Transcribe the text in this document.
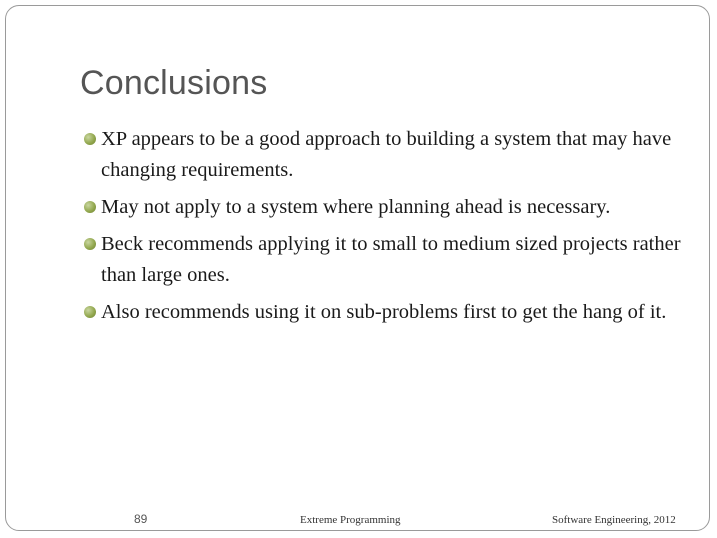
Conclusions
XP appears to be a good approach to building a system that may have changing requirements.
May not apply to a system where planning ahead is necessary.
Beck recommends applying it to small to medium sized projects rather than large ones.
Also recommends using it on sub-problems first to get the hang of it.
89	Extreme Programming	Software Engineering, 2012
